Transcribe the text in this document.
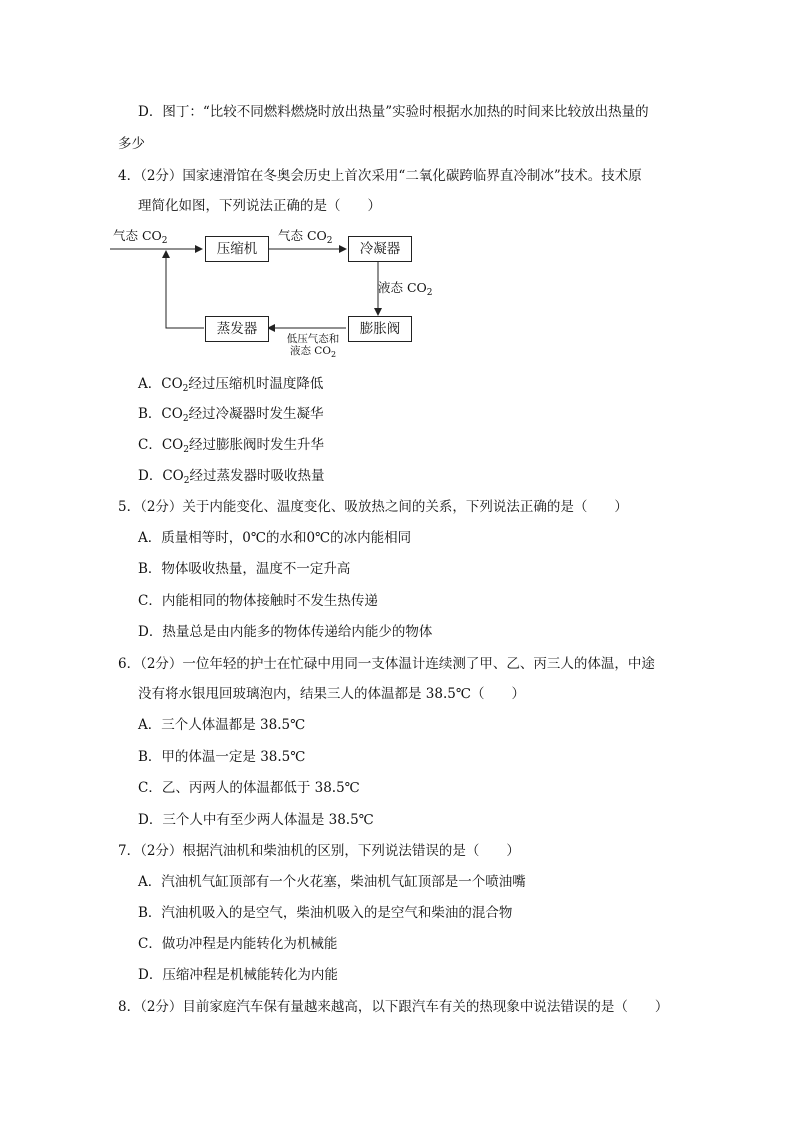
D．图丁：“比较不同燃料燃烧时放出热量”实验时根据水加热的时间来比较放出热量的
多少
4．（2分）国家速滑馆在冬奥会历史上首次采用“二氧化碳跨临界直冷制冰”技术。技术原
理简化如图，下列说法正确的是（　　）
压缩机	冷凝器
膨胀阀
蒸发器
气态 $CO_2$	气态 $CO_2$
液态 $CO_2$
低压气态和
液态 $CO_2$
A．$CO_2$经过压缩机时温度降低
B．$CO_2$经过冷凝器时发生凝华
C．$CO_2$经过膨胀阀时发生升华
D．$CO_2$经过蒸发器时吸收热量
5．（2分）关于内能变化、温度变化、吸放热之间的关系，下列说法正确的是（　　）
A．质量相等时，0℃的水和0℃的冰内能相同
B．物体吸收热量，温度不一定升高
C．内能相同的物体接触时不发生热传递
D．热量总是由内能多的物体传递给内能少的物体
6．（2分）一位年轻的护士在忙碌中用同一支体温计连续测了甲、乙、丙三人的体温，中途
没有将水银甩回玻璃泡内，结果三人的体温都是 38.5℃（　　）
A．三个人体温都是 38.5℃
B．甲的体温一定是 38.5℃
C．乙、丙两人的体温都低于 38.5℃
D．三个人中有至少两人体温是 38.5℃
7．（2分）根据汽油机和柴油机的区别，下列说法错误的是（　　）
A．汽油机气缸顶部有一个火花塞，柴油机气缸顶部是一个喷油嘴
B．汽油机吸入的是空气，柴油机吸入的是空气和柴油的混合物
C．做功冲程是内能转化为机械能
D．压缩冲程是机械能转化为内能
8．（2分）目前家庭汽车保有量越来越高，以下跟汽车有关的热现象中说法错误的是（　　）
